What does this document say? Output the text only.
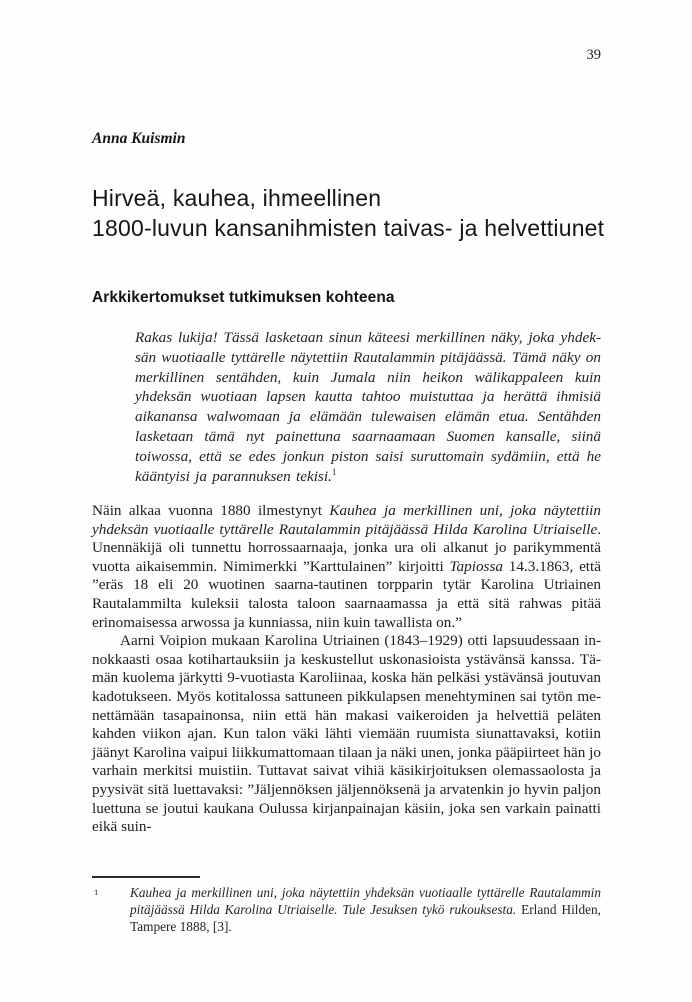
39
Anna Kuismin
Hirveä, kauhea, ihmeellinen
1800-luvun kansanihmisten taivas- ja helvettiunet
Arkkikertomukset tutkimuksen kohteena
Rakas lukija! Tässä lasketaan sinun käteesi merkillinen näky, joka yhdeksän wuotiaalle tyttärelle näytettiin Rautalammin pitäjäässä. Tämä näky on merkillinen sentähden, kuin Jumala niin heikon wälikappaleen kuin yhdeksän wuotiaan lapsen kautta tahtoo muistuttaa ja herättä ihmisiä aikanansa walwomaan ja elämään tulewaisen elämän etua. Sentähden lasketaan tämä nyt painettuna saarnaamaan Suomen kansalle, siinä toiwossa, että se edes jonkun piston saisi suruttomain sydämiin, että he kääntyisi ja parannuksen tekisi.$^1$

Näin alkaa vuonna 1880 ilmestynyt Kauhea ja merkillinen uni, joka näytettiin yhdeksän vuotiaalle tyttärelle Rautalammin pitäjäässä Hilda Karolina Utriaiselle. Unennäkijä oli tunnettu horrossaarnaaja, jonka ura oli alkanut jo parikymmentä vuotta aikaisemmin. Nimimerkki ”Karttulainen” kirjoitti Tapiossa 14.3.1863, että ”eräs 18 eli 20 wuotinen saarna-tautinen torpparin tytär Karolina Utriainen Rautalammilta kuleksii talosta taloon saarnaamassa ja että sitä rahwas pitää erinomaisessa arwossa ja kunniassa, niin kuin tawallista on.”

Aarni Voipion mukaan Karolina Utriainen (1843–1929) otti lapsuudessaan innokkaasti osaa kotihartauksiin ja keskustellut uskonasioista ystävänsä kanssa. Tämän kuolema järkytti 9-vuotiasta Karoliinaa, koska hän pelkäsi ystävänsä joutuvan kadotukseen. Myös kotitalossa sattuneen pikkulapsen menehtyminen sai tytön menettämään tasapainonsa, niin että hän makasi vaikeroiden ja helvettiä peläten kahden viikon ajan. Kun talon väki lähti viemään ruumista siunattavaksi, kotiin jäänyt Karolina vaipui liikkumattomaan tilaan ja näki unen, jonka pääpiirteet hän jo varhain merkitsi muistiin. Tuttavat saivat vihiä käsikirjoituksen olemassaolosta ja pyysivät sitä luettavaksi: ”Jäljennöksen jäljennöksenä ja arvatenkin jo hyvin paljon luettuna se joutui kaukana Oulussa kirjanpainajan käsiin, joka sen varkain painatti eikä suin-

1 Kauhea ja merkillinen uni, joka näytettiin yhdeksän vuotiaalle tyttärelle Rautalammin pitäjäässä Hilda Karolina Utriaiselle. Tule Jesuksen tykö rukouksesta. Erland Hilden, Tampere 1888, [3].
